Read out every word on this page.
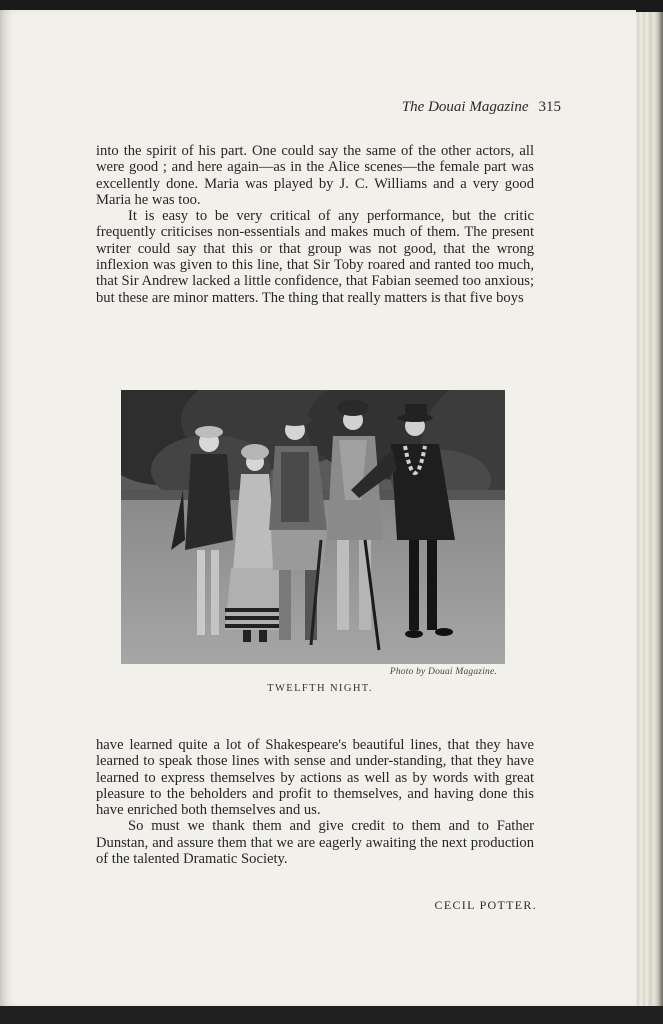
The Douai Magazine 315

into the spirit of his part. One could say the same of the other actors, all were good ; and here again—as in the Alice scenes—the female part was excellently done. Maria was played by J. C. Williams and a very good Maria he was too.

It is easy to be very critical of any performance, but the critic frequently criticises non-essentials and makes much of them. The present writer could say that this or that group was not good, that the wrong inflexion was given to this line, that Sir Toby roared and ranted too much, that Sir Andrew lacked a little confidence, that Fabian seemed too anxious; but these are minor matters. The thing that really matters is that five boys

Photo by Douai Magazine.
TWELFTH NIGHT.

have learned quite a lot of Shakespeare's beautiful lines, that they have learned to speak those lines with sense and under-standing, that they have learned to express themselves by actions as well as by words with great pleasure to the beholders and profit to themselves, and having done this have enriched both themselves and us.

So must we thank them and give credit to them and to Father Dunstan, and assure them that we are eagerly awaiting the next production of the talented Dramatic Society.

CECIL POTTER.
